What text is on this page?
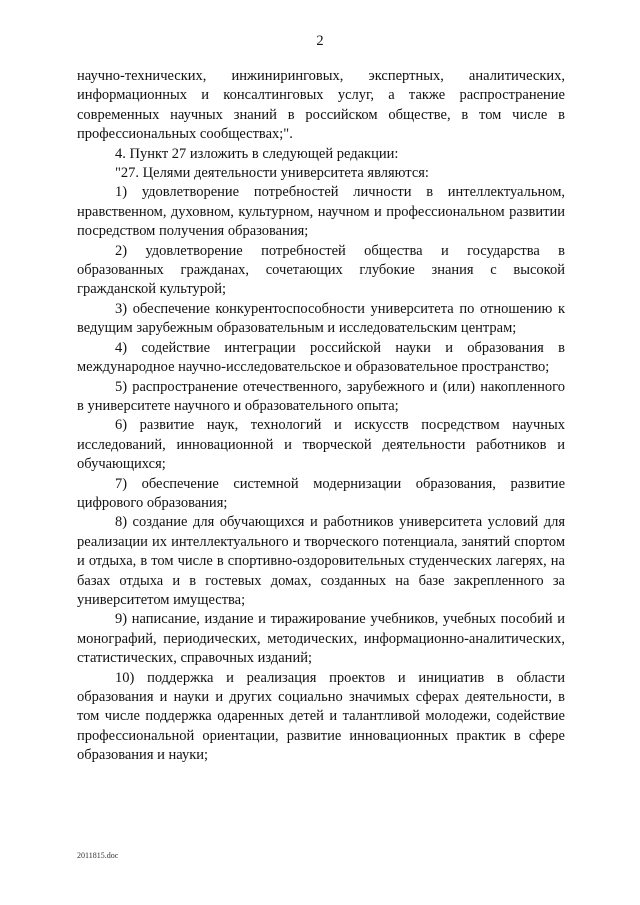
2

научно-технических, инжиниринговых, экспертных, аналитических, информационных и консалтинговых услуг, а также распространение современных научных знаний в российском обществе, в том числе в профессиональных сообществах;".

4. Пункт 27 изложить в следующей редакции:

"27. Целями деятельности университета являются:

1) удовлетворение потребностей личности в интеллектуальном, нравственном, духовном, культурном, научном и профессиональном развитии посредством получения образования;

2) удовлетворение потребностей общества и государства в образованных гражданах, сочетающих глубокие знания с высокой гражданской культурой;

3) обеспечение конкурентоспособности университета по отношению к ведущим зарубежным образовательным и исследовательским центрам;

4) содействие интеграции российской науки и образования в международное научно-исследовательское и образовательное пространство;

5) распространение отечественного, зарубежного и (или) накопленного в университете научного и образовательного опыта;

6) развитие наук, технологий и искусств посредством научных исследований, инновационной и творческой деятельности работников и обучающихся;

7) обеспечение системной модернизации образования, развитие цифрового образования;

8) создание для обучающихся и работников университета условий для реализации их интеллектуального и творческого потенциала, занятий спортом и отдыха, в том числе в спортивно-оздоровительных студенческих лагерях, на базах отдыха и в гостевых домах, созданных на базе закрепленного за университетом имущества;

9) написание, издание и тиражирование учебников, учебных пособий и монографий, периодических, методических, информационно-аналитических, статистических, справочных изданий;

10) поддержка и реализация проектов и инициатив в области образования и науки и других социально значимых сферах деятельности, в том числе поддержка одаренных детей и талантливой молодежи, содействие профессиональной ориентации, развитие инновационных практик в сфере образования и науки;

2011815.doc
